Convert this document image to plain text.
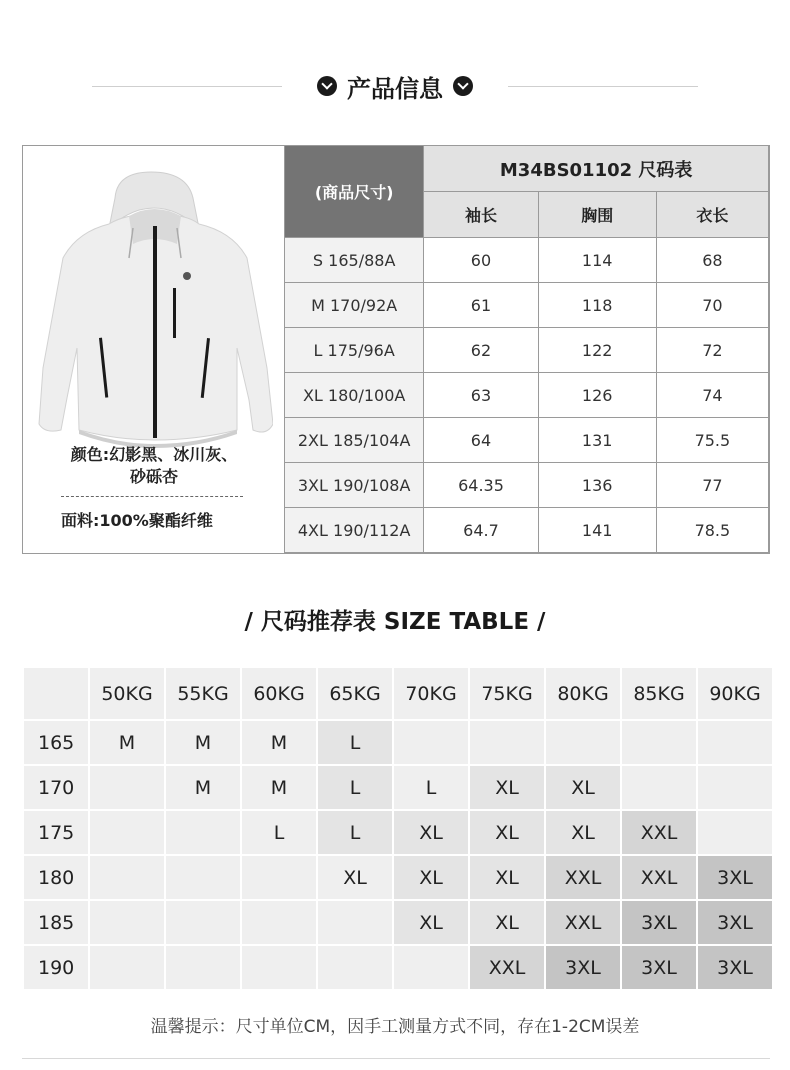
产品信息
颜色:幻影黑、冰川灰、
砂砾杏
面料:100%聚酯纤维
(商品尺寸)	M34BS01102 尺码表		
	袖长	胸围	衣长
S 165/88A	60	114	68
M 170/92A	61	118	70
L 175/96A	62	122	72
XL 180/100A	63	126	74
2XL 185/104A	64	131	75.5
3XL 190/108A	64.35	136	77
4XL 190/112A	64.7	141	78.5
/ 尺码推荐表 SIZE TABLE /
	50KG	55KG	60KG	65KG	70KG	75KG	80KG	85KG	90KG
165	M	M	M	L					
170		M	M	L	L	XL	XL		
175			L	L	XL	XL	XL	XXL	
180				XL	XL	XL	XXL	XXL	3XL
185					XL	XL	XXL	3XL	3XL
190						XXL	3XL	3XL	3XL
温馨提示：尺寸单位CM，因手工测量方式不同，存在1-2CM误差
